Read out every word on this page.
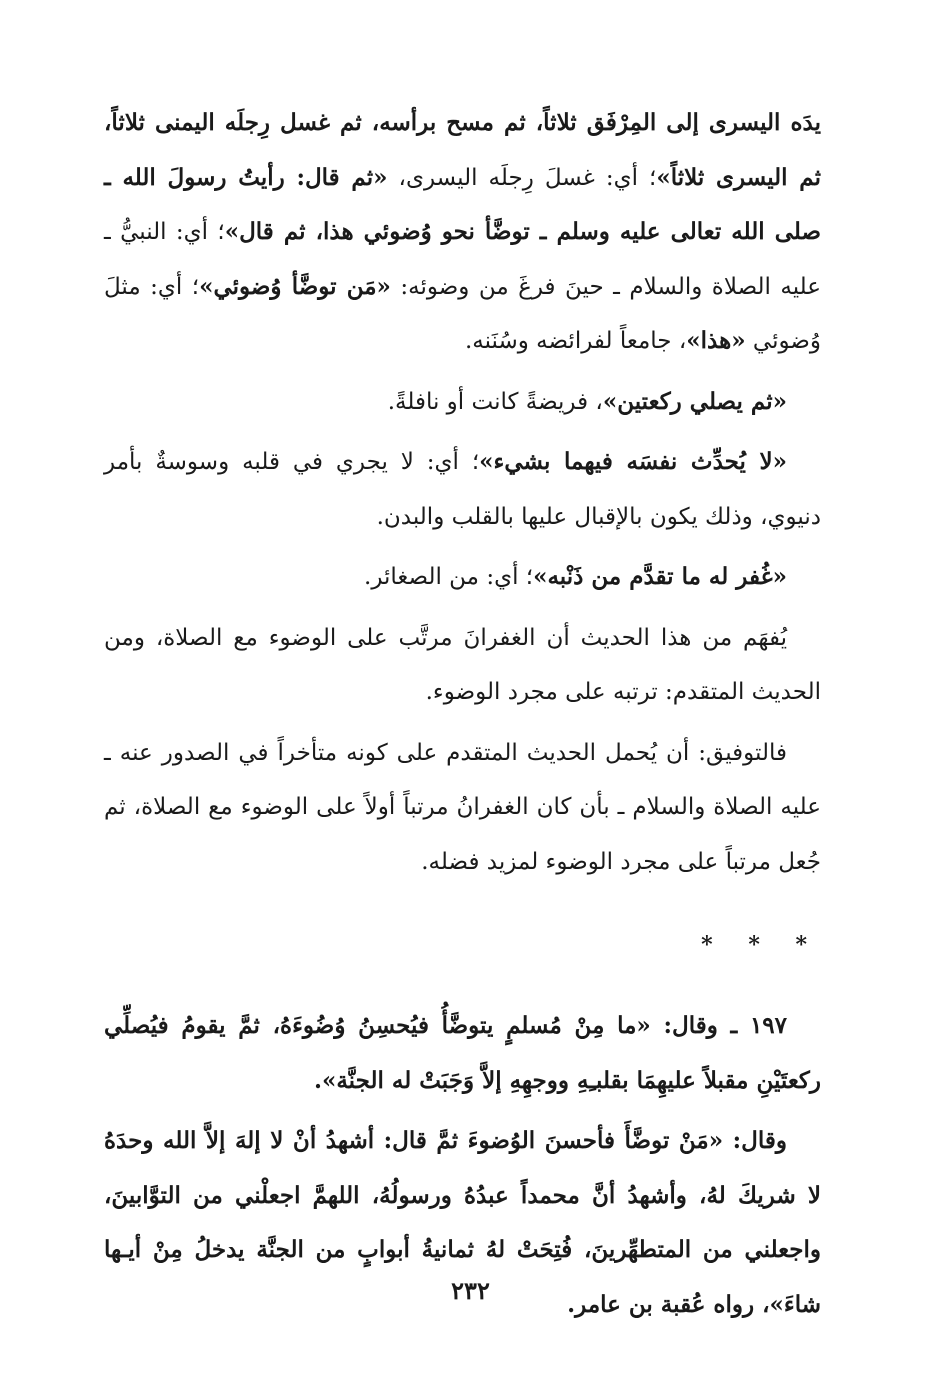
يدَه اليسرى إلى المِرْفَق ثلاثاً، ثم مسح برأسه، ثم غسل رِجلَه اليمنى ثلاثاً، ثم اليسرى ثلاثاً»؛ أي: غسلَ رِجلَه اليسرى، «ثم قال: رأيتُ رسولَ الله ـ صلى الله تعالى عليه وسلم ـ توضَّأ نحو وُضوئي هذا، ثم قال»؛ أي: النبيُّ ـ عليه الصلاة والسلام ـ حينَ فرغَ من وضوئه: «مَن توضَّأ وُضوئي»؛ أي: مثلَ وُضوئي «هذا»، جامعاً لفرائضه وسُنَنه.

«ثم يصلي ركعتين»، فريضةً كانت أو نافلةً.

«لا يُحدِّث نفسَه فيهما بشيء»؛ أي: لا يجري في قلبه وسوسةٌ بأمر دنيوي، وذلك يكون بالإقبال عليها بالقلب والبدن.

«غُفر له ما تقدَّم من ذَنْبه»؛ أي: من الصغائر.

يُفهَم من هذا الحديث أن الغفرانَ مرتَّب على الوضوء مع الصلاة، ومن الحديث المتقدم: ترتبه على مجرد الوضوء.

فالتوفيق: أن يُحمل الحديث المتقدم على كونه متأخراً في الصدور عنه ـ عليه الصلاة والسلام ـ بأن كان الغفرانُ مرتباً أولاً على الوضوء مع الصلاة، ثم جُعل مرتباً على مجرد الوضوء لمزيد فضله.

* * *

١٩٧ ـ وقال: «ما مِنْ مُسلمٍ يتوضَّأُ فيُحسِنُ وُضُوءَهُ، ثمَّ يقومُ فيُصلِّي ركعتَيْنِ مقبلاً عليهِمَا بقلبـِهِ ووجهِهِ إلاَّ وَجَبَتْ له الجنَّة».

وقال: «مَنْ توضَّأَ فأحسنَ الوُضوءَ ثمَّ قال: أشهدُ أنْ لا إلهَ إلاَّ الله وحدَهُ لا شريكَ لهُ، وأشهدُ أنَّ محمداً عبدُهُ ورسولُهُ، اللهمَّ اجعلْني من التوَّابينَ، واجعلني من المتطهِّرينَ، فُتِحَتْ لهُ ثمانيةُ أبوابٍ من الجنَّة يدخلُ مِنْ أيـها شاءَ»، رواه عُقبة بن عامر.

٢٣٢
